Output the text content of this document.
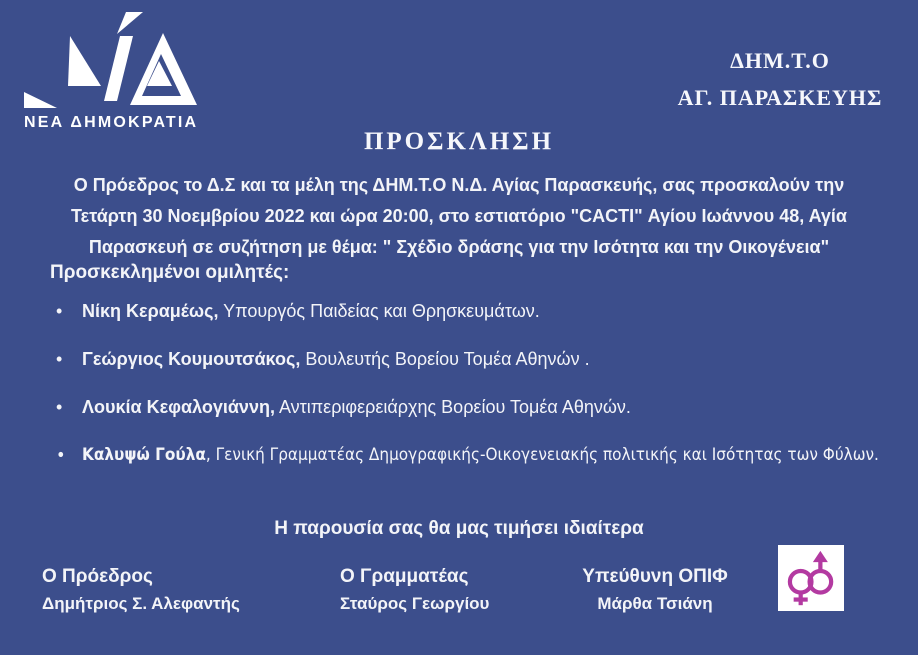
ΝΕΑ ΔΗΜΟΚΡΑΤΙΑ
ΔΗΜ.Τ.Ο
ΑΓ. ΠΑΡΑΣΚΕΥΗΣ
ΠΡΟΣΚΛΗΣΗ
Ο Πρόεδρος το Δ.Σ και τα μέλη της ΔΗΜ.Τ.Ο Ν.Δ. Αγίας Παρασκευής, σας προσκαλούν την
Τετάρτη 30 Νοεμβρίου 2022 και ώρα 20:00, στο εστιατόριο "CACTI" Αγίου Ιωάννου 48, Αγία
Παρασκευή σε συζήτηση με θέμα: " Σχέδιο δράσης για την Ισότητα και την Οικογένεια"
Προσκεκλημένοι ομιλητές:
• Νίκη Κεραμέως, Υπουργός Παιδείας και Θρησκευμάτων.
• Γεώργιος Κουμουτσάκος, Βουλευτής Βορείου Τομέα Αθηνών .
• Λουκία Κεφαλογιάννη, Αντιπεριφερειάρχης Βορείου Τομέα Αθηνών.
• Καλυψώ Γούλα, Γενική Γραμματέας Δημογραφικής-Οικογενειακής πολιτικής και Ισότητας των Φύλων.
Η παρουσία σας θα μας τιμήσει ιδιαίτερα
Ο Πρόεδρος
Δημήτριος Σ. Αλεφαντής
Ο Γραμματέας
Σταύρος Γεωργίου
Υπεύθυνη ΟΠΙΦ
Μάρθα Τσιάνη
